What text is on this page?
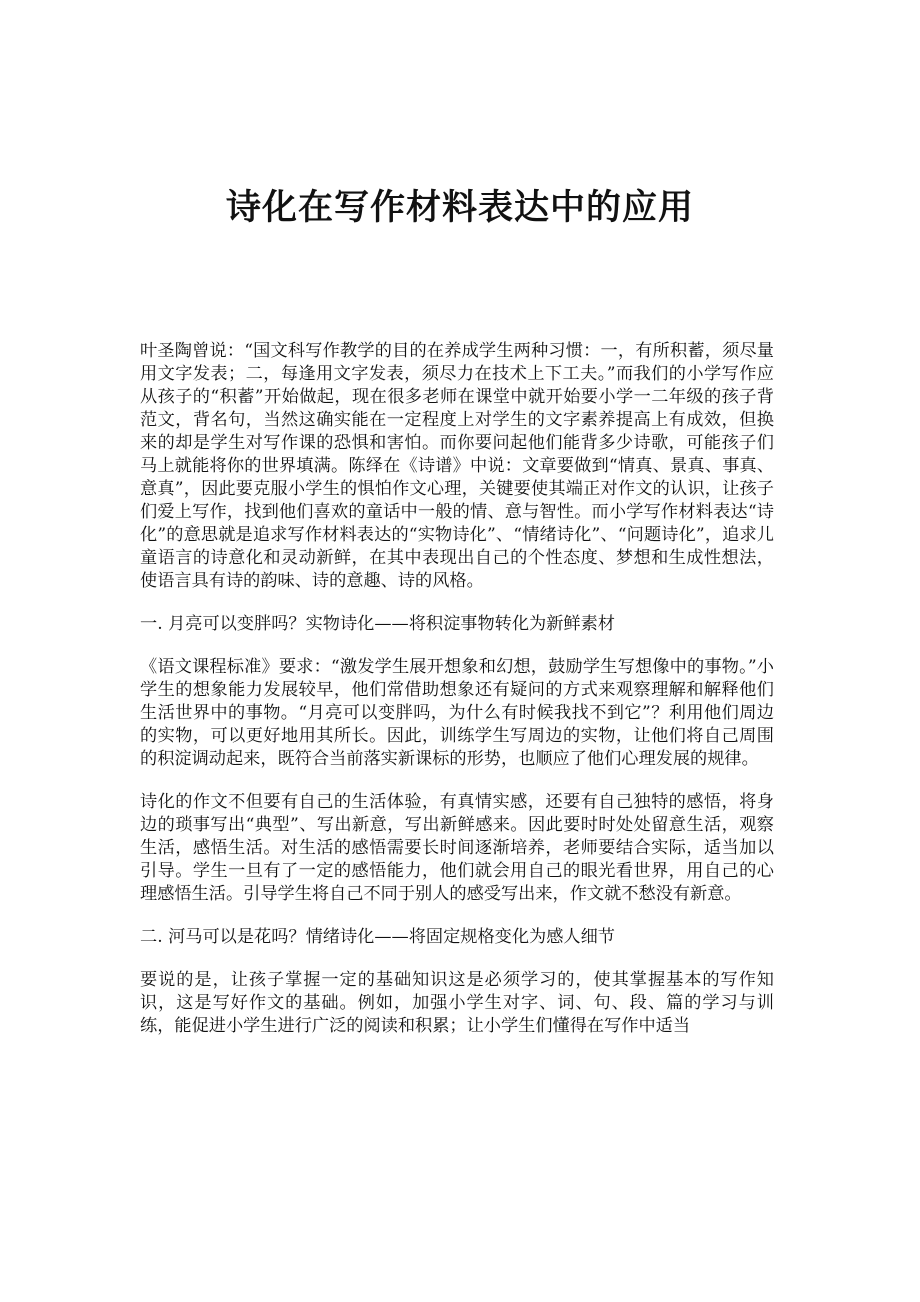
诗化在写作材料表达中的应用

叶圣陶曾说：“国文科写作教学的目的在养成学生两种习惯：一，有所积蓄，须尽量用文字发表；二，每逢用文字发表，须尽力在技术上下工夫。”而我们的小学写作应从孩子的“积蓄”开始做起，现在很多老师在课堂中就开始要小学一二年级的孩子背范文，背名句，当然这确实能在一定程度上对学生的文字素养提高上有成效，但换来的却是学生对写作课的恐惧和害怕。而你要问起他们能背多少诗歌，可能孩子们马上就能将你的世界填满。陈绎在《诗谱》中说：文章要做到“情真、景真、事真、意真”，因此要克服小学生的惧怕作文心理，关键要使其端正对作文的认识，让孩子们爱上写作，找到他们喜欢的童话中一般的情、意与智性。而小学写作材料表达“诗化”的意思就是追求写作材料表达的“实物诗化”、“情绪诗化”、“问题诗化”，追求儿童语言的诗意化和灵动新鲜，在其中表现出自己的个性态度、梦想和生成性想法，使语言具有诗的韵味、诗的意趣、诗的风格。

一. 月亮可以变胖吗？实物诗化——将积淀事物转化为新鲜素材

《语文课程标准》要求：“激发学生展开想象和幻想，鼓励学生写想像中的事物。”小学生的想象能力发展较早，他们常借助想象还有疑问的方式来观察理解和解释他们生活世界中的事物。“月亮可以变胖吗，为什么有时候我找不到它”？利用他们周边的实物，可以更好地用其所长。因此，训练学生写周边的实物，让他们将自己周围的积淀调动起来，既符合当前落实新课标的形势，也顺应了他们心理发展的规律。

诗化的作文不但要有自己的生活体验，有真情实感，还要有自己独特的感悟，将身边的琐事写出“典型”、写出新意，写出新鲜感来。因此要时时处处留意生活，观察生活，感悟生活。对生活的感悟需要长时间逐渐培养，老师要结合实际，适当加以引导。学生一旦有了一定的感悟能力，他们就会用自己的眼光看世界，用自己的心理感悟生活。引导学生将自己不同于别人的感受写出来，作文就不愁没有新意。

二. 河马可以是花吗？情绪诗化——将固定规格变化为感人细节

要说的是，让孩子掌握一定的基础知识这是必须学习的，使其掌握基本的写作知识，这是写好作文的基础。例如，加强小学生对字、词、句、段、篇的学习与训练，能促进小学生进行广泛的阅读和积累；让小学生们懂得在写作中适当
